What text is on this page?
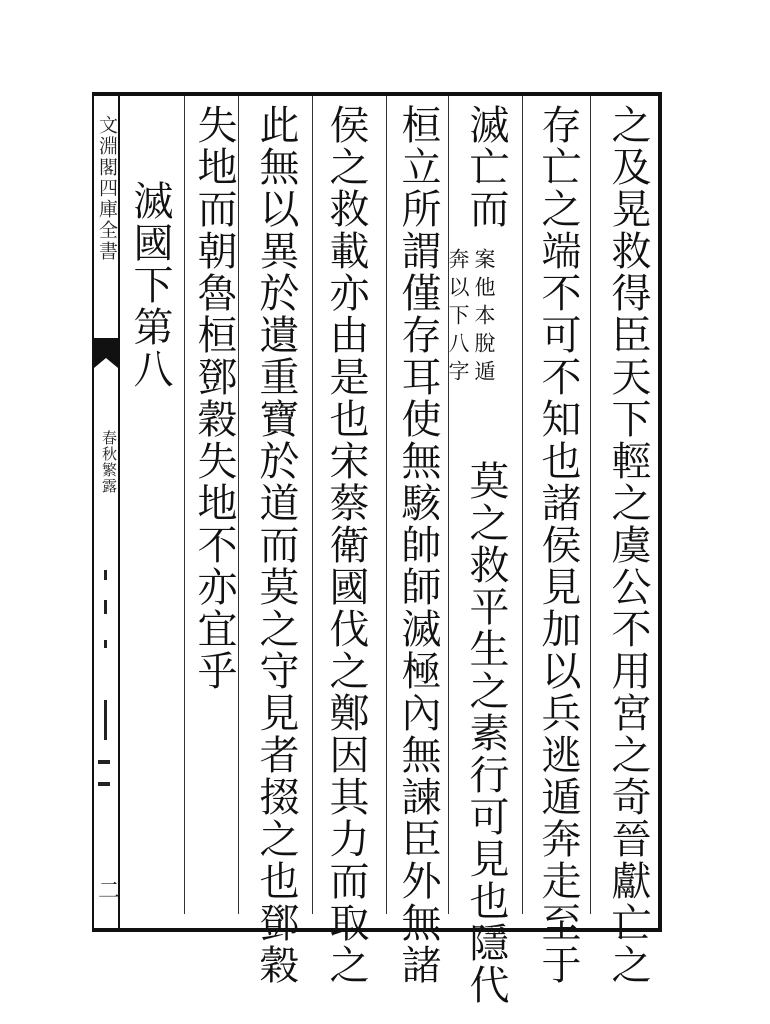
文淵閣四庫全書
春秋繁露	之及晃救得臣天下輕之虞公不用宮之奇晉獻亡之
存亡之端不可不知也諸侯見加以兵逃遁奔走至于
滅亡而
案他本脫遁
奔以下八字
莫之救平生之素行可見也隱代
桓立所謂僅存耳使無駭帥師滅極內無諫臣外無諸
侯之救載亦由是也宋蔡衛國伐之鄭因其力而取之
此無以異於遺重寶於道而莫之守見者掇之也鄧穀
失地而朝魯桓鄧穀失地不亦宜乎
滅國下第八
二
